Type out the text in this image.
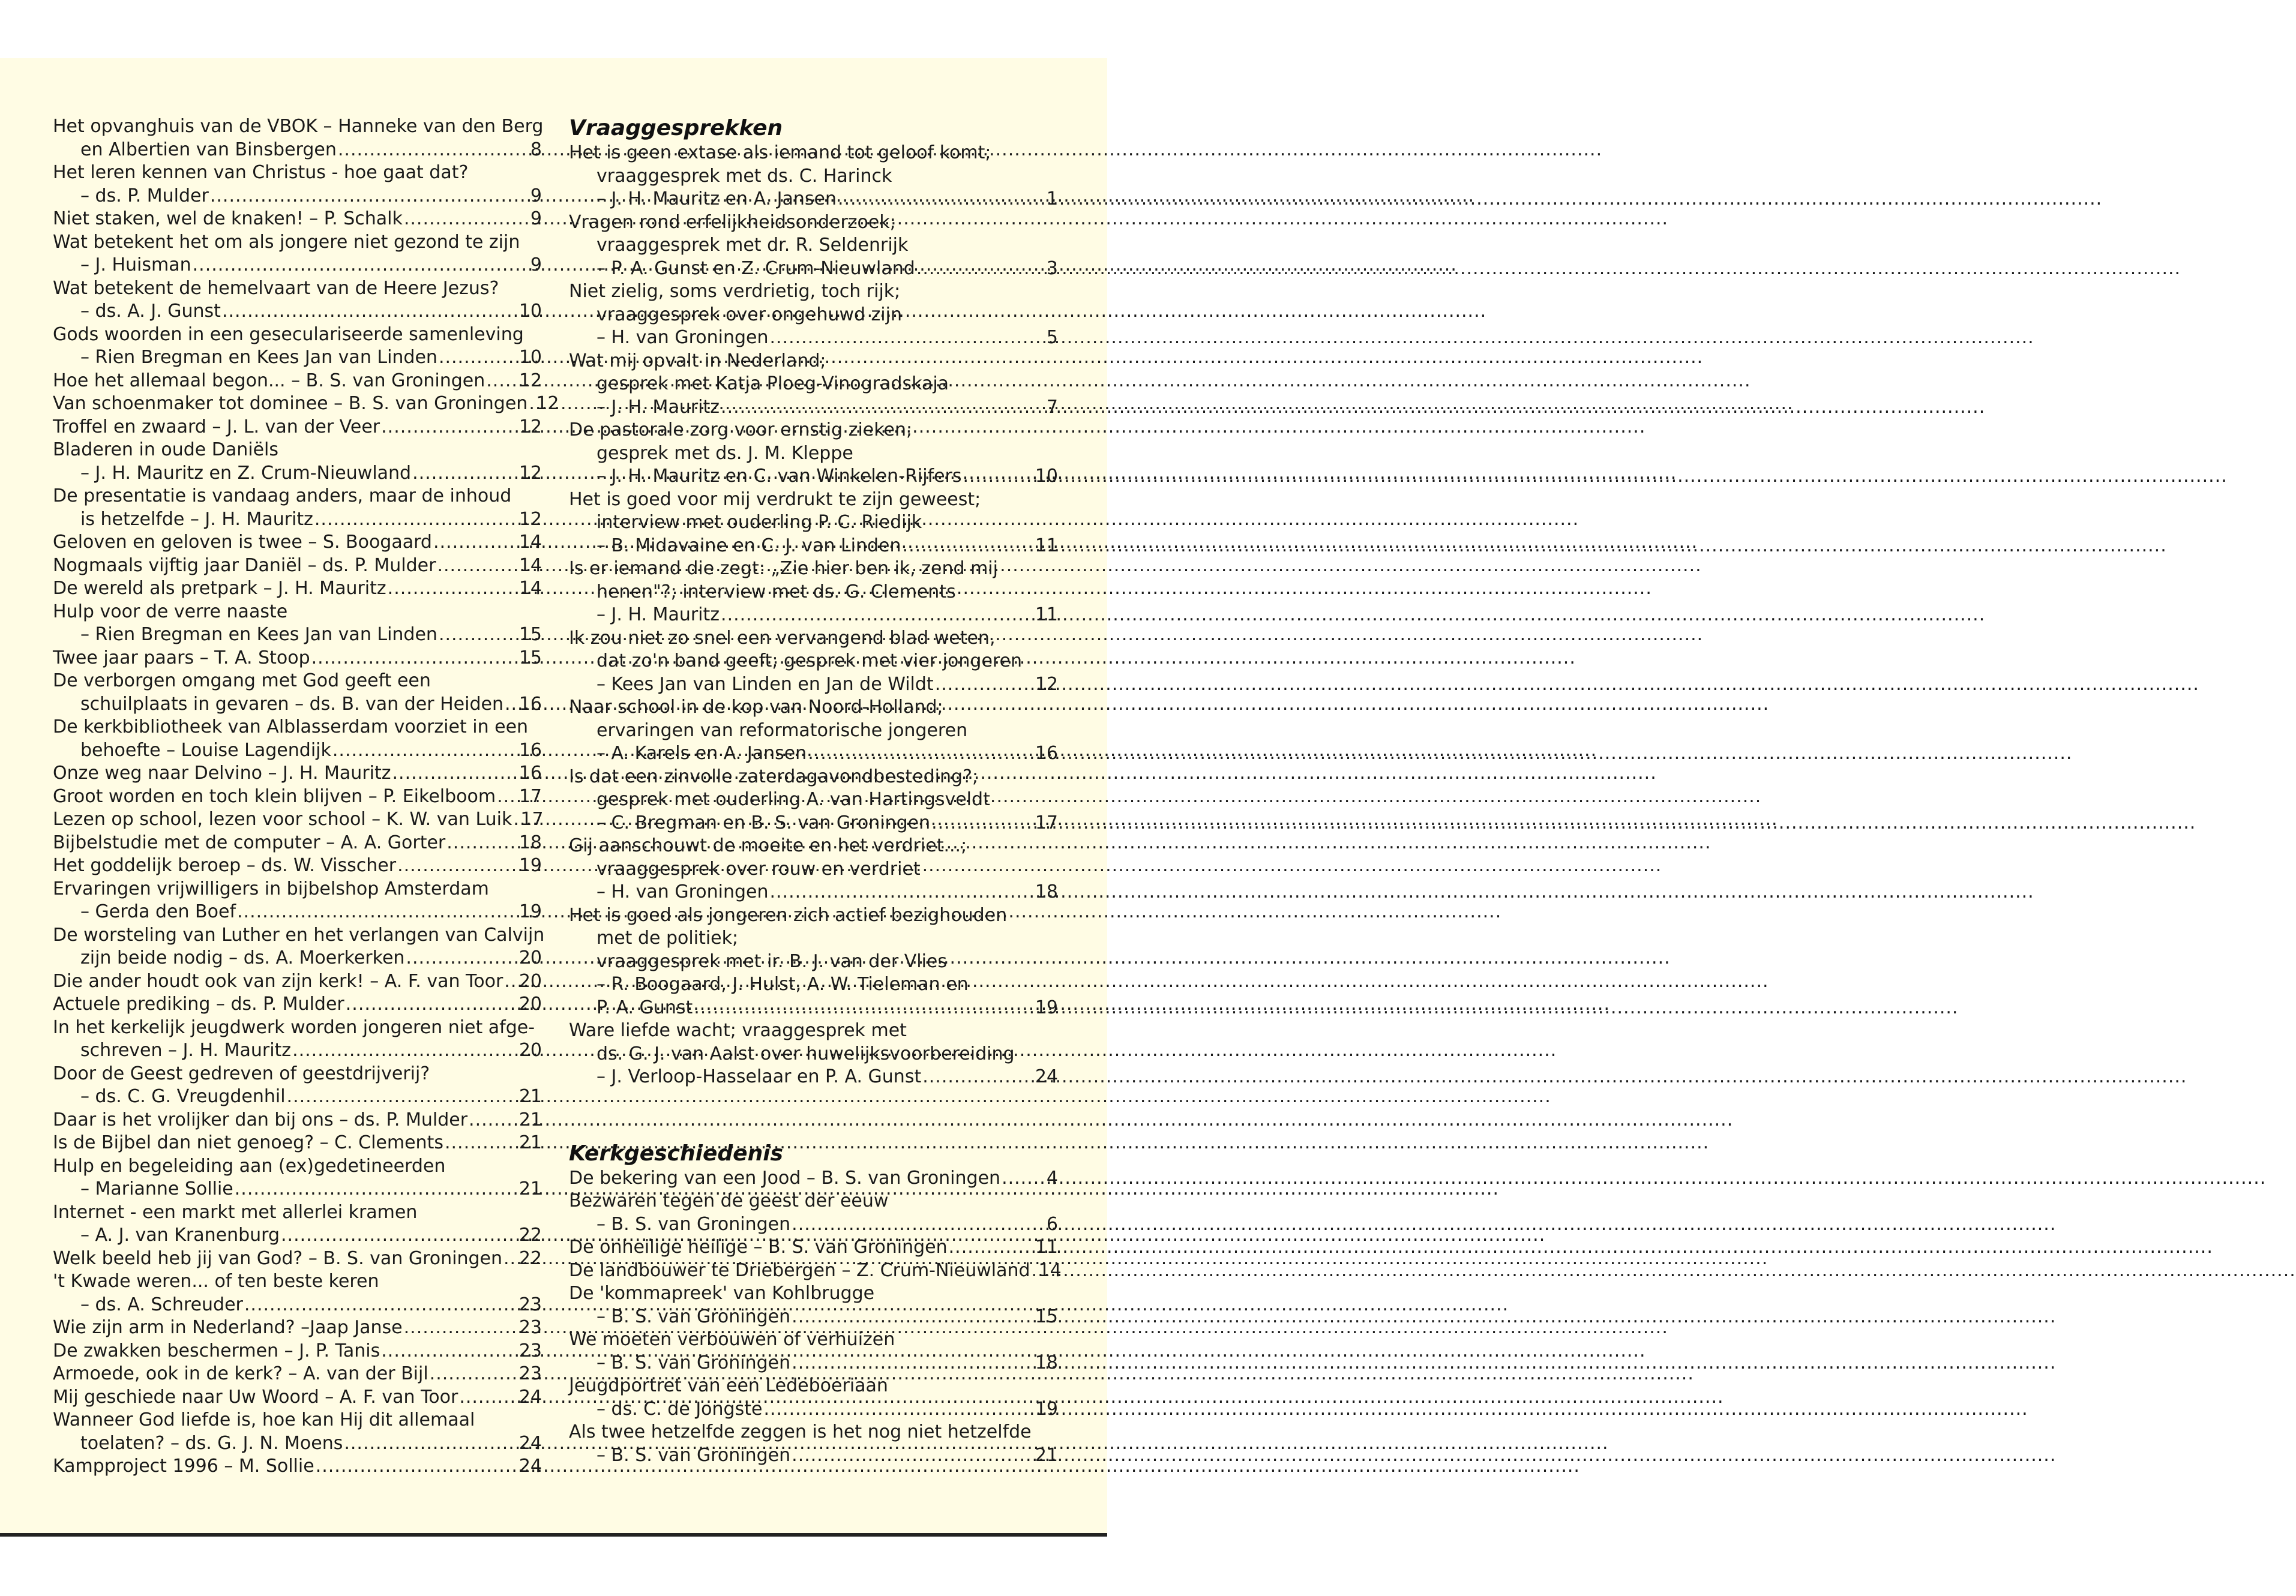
Het opvanghuis van de VBOK – Hanneke van den Berg
en Albertien van Binsbergen .....	8
Het leren kennen van Christus - hoe gaat dat?
– ds. P. Mulder .....	9
Niet staken, wel de knaken! – P. Schalk .....	9
Wat betekent het om als jongere niet gezond te zijn
– J. Huisman .....	9
Wat betekent de hemelvaart van de Heere Jezus?
– ds. A. J. Gunst .....	10
Gods woorden in een geseculariseerde samenleving
– Rien Bregman en Kees Jan van Linden .....	10
Hoe het allemaal begon... – B. S. van Groningen ..... 12
Van schoenmaker tot dominee – B. S. van Groningen ..... 12
Troffel en zwaard – J. L. van der Veer .....	12
Bladeren in oude Daniëls
– J. H. Mauritz en Z. Crum-Nieuwland .....	12
De presentatie is vandaag anders, maar de inhoud
is hetzelfde – J. H. Mauritz .....	12
Geloven en geloven is twee – S. Boogaard .....	14
Nogmaals vijftig jaar Daniël – ds. P. Mulder .....	14
De wereld als pretpark – J. H. Mauritz .....	14
Hulp voor de verre naaste
– Rien Bregman en Kees Jan van Linden .....	15
Twee jaar paars – T. A. Stoop .....	15
De verborgen omgang met God geeft een
schuilplaats in gevaren – ds. B. van der Heiden ..... 16
De kerkbibliotheek van Alblasserdam voorziet in een
behoefte – Louise Lagendijk .....	16
Onze weg naar Delvino – J. H. Mauritz .....	16
Groot worden en toch klein blijven – P. Eikelboom ..... 17
Lezen op school, lezen voor school – K. W. van Luik ..... 17
Bijbelstudie met de computer – A. A. Gorter .....	18
Het goddelijk beroep – ds. W. Visscher .....	19
Ervaringen vrijwilligers in bijbelshop Amsterdam
– Gerda den Boef .....	19
De worsteling van Luther en het verlangen van Calvijn
zijn beide nodig – ds. A. Moerkerken .....	20
Die ander houdt ook van zijn kerk! – A. F. van Toor ..... 20
Actuele prediking – ds. P. Mulder .....	20
In het kerkelijk jeugdwerk worden jongeren niet afge-
schreven – J. H. Mauritz .....	20
Door de Geest gedreven of geestdrijverij?
– ds. C. G. Vreugdenhil .....	21
Daar is het vrolijker dan bij ons – ds. P. Mulder .....	21
Is de Bijbel dan niet genoeg? – C. Clements .....	21
Hulp en begeleiding aan (ex)gedetineerden
– Marianne Sollie .....	21
Internet - een markt met allerlei kramen
– A. J. van Kranenburg .....	22
Welk beeld heb jij van God? – B. S. van Groningen ..... 22
't Kwade weren... of ten beste keren
– ds. A. Schreuder .....	23
Wie zijn arm in Nederland? –Jaap Janse .....	23
De zwakken beschermen – J. P. Tanis .....	23
Armoede, ook in de kerk? – A. van der Bijl .....	23
Mij geschiede naar Uw Woord – A. F. van Toor .....	24
Wanneer God liefde is, hoe kan Hij dit allemaal
toelaten? – ds. G. J. N. Moens .....	24
Kampproject 1996 – M. Sollie .....	24
Vraaggesprekken
Het is geen extase als iemand tot geloof komt;
vraaggesprek met ds. C. Harinck
– J. H. Mauritz en A. Jansen .....	1
Vragen rond erfelijkheidsonderzoek;
vraaggesprek met dr. R. Seldenrijk
– P. A. Gunst en Z. Crum-Nieuwland .....	3
Niet zielig, soms verdrietig, toch rijk;
vraaggesprek over ongehuwd zijn
– H. van Groningen .....	5
Wat mij opvalt in Nederland;
gesprek met Katja Ploeg-Vinogradskaja
– J. H. Mauritz .....	7
De pastorale zorg voor ernstig zieken;
gesprek met ds. J. M. Kleppe
– J. H. Mauritz en C. van Winkelen-Rijfers .....	10
Het is goed voor mij verdrukt te zijn geweest;
interview met ouderling P. C. Riedijk
– B. Midavaine en C. J. van Linden .....	11
Is er iemand die zegt: „Zie hier ben ik, zend mij
henen"?; interview met ds. G. Clements
– J. H. Mauritz .....	11
Ik zou niet zo snel een vervangend blad weten,
dat zo'n band geeft; gesprek met vier jongeren
– Kees Jan van Linden en Jan de Wildt .....	12
Naar school in de kop van Noord-Holland;
ervaringen van reformatorische jongeren
– A. Karels en A. Jansen .....	16
Is dat een zinvolle zaterdagavondbesteding?;
gesprek met ouderling A. van Hartingsveldt
– C. Bregman en B. S. van Groningen .....	17
Gij aanschouwt de moeite en het verdriet...;
vraaggesprek over rouw en verdriet
– H. van Groningen .....	18
Het is goed als jongeren zich actief bezighouden
met de politiek;
vraaggesprek met ir. B. J. van der Vlies
– R. Boogaard, J. Hulst, A. W. Tieleman en
P. A. Gunst .....	19
Ware liefde wacht; vraaggesprek met
ds. G. J. van Aalst over huwelijksvoorbereiding
– J. Verloop-Hasselaar en P. A. Gunst .....	24
Kerkgeschiedenis
De bekering van een Jood – B. S. van Groningen .....	4
Bezwaren tegen de geest der eeuw
– B. S. van Groningen .....	6
De onheilige heilige – B. S. van Groningen .....	11
De landbouwer te Driebergen – Z. Crum-Nieuwland ..... 14
De 'kommapreek' van Kohlbrugge
– B. S. van Groningen .....	15
We moeten verbouwen of verhuizen
– B. S. van Groningen .....	18
Jeugdportret van een Ledeboeriaan
– ds. C. de Jongste .....	19
Als twee hetzelfde zeggen is het nog niet hetzelfde
– B. S. van Groningen .....	21
